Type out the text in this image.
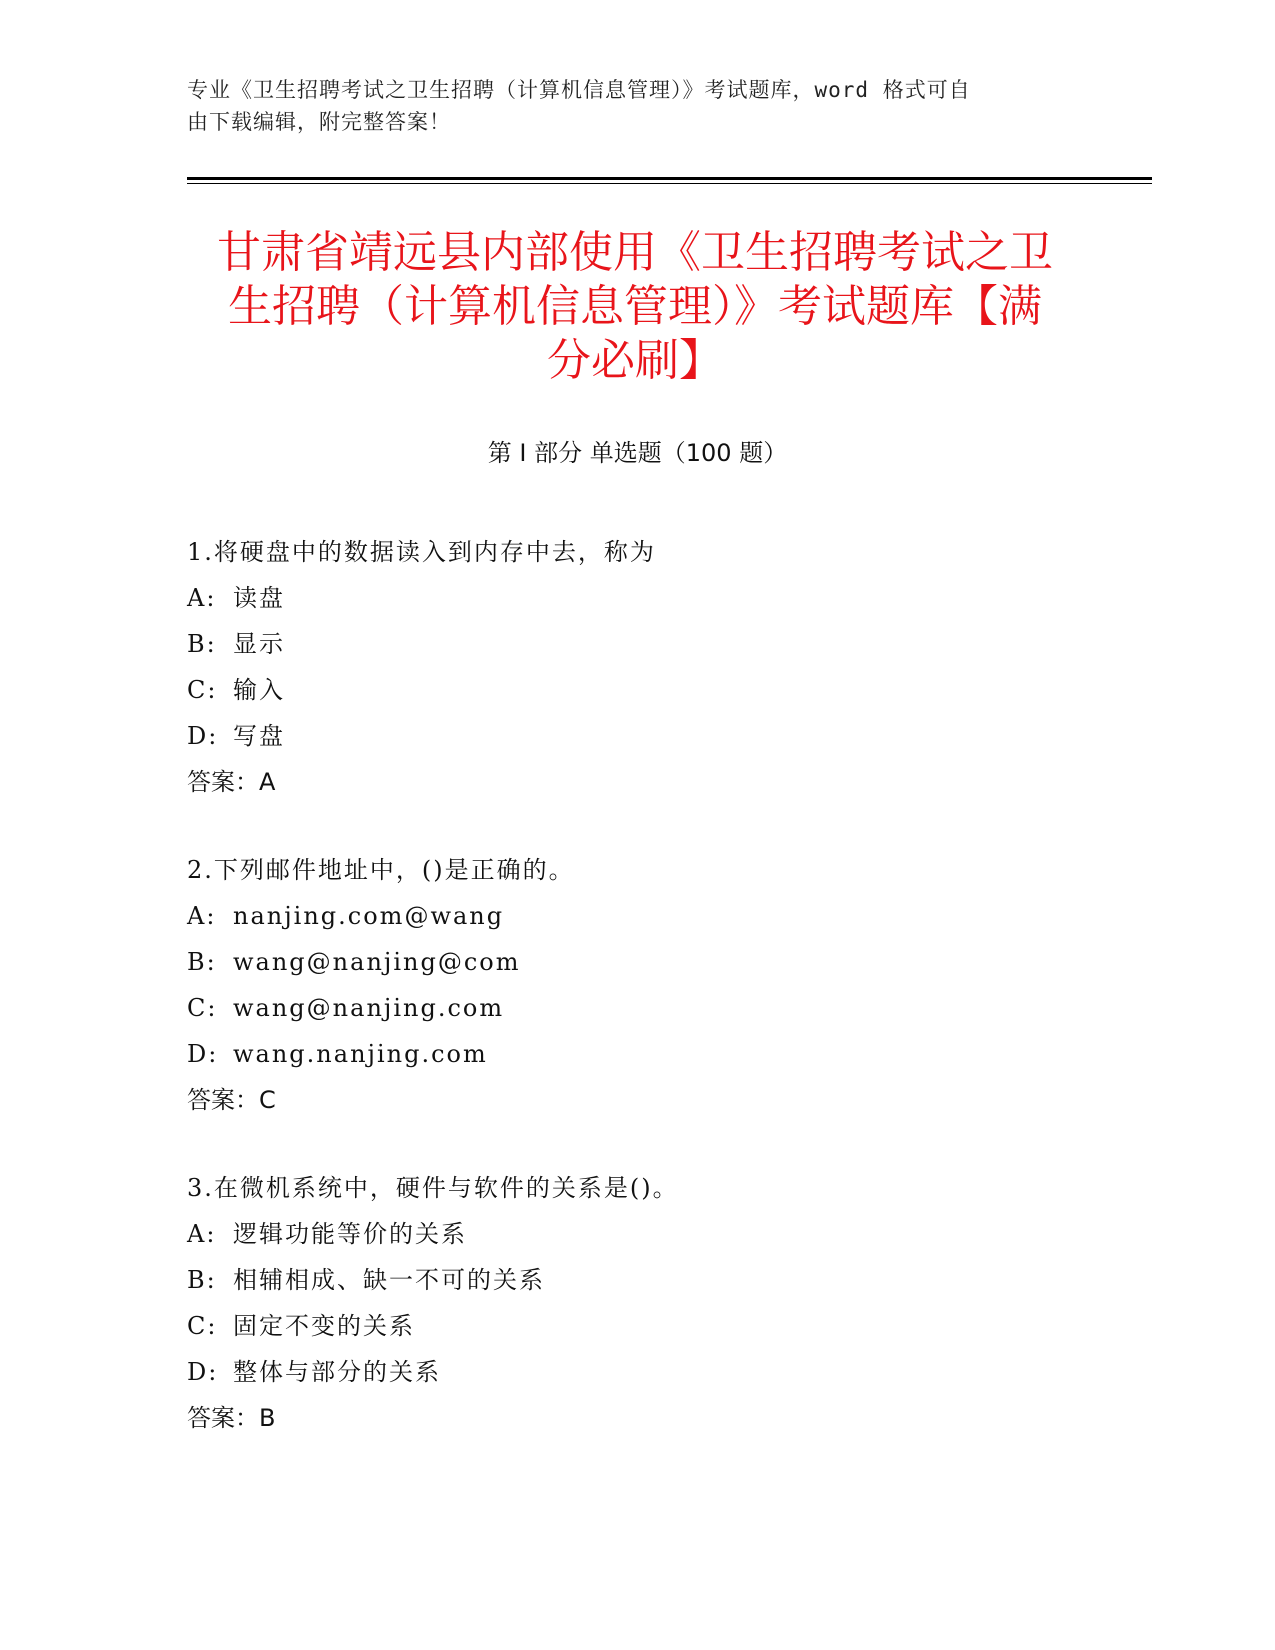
专业《卫生招聘考试之卫生招聘（计算机信息管理）》考试题库，word 格式可自
由下载编辑，附完整答案！
甘肃省靖远县内部使用《卫生招聘考试之卫
生招聘（计算机信息管理）》考试题库【满
分必刷】
第 I 部分 单选题（100 题）
1.将硬盘中的数据读入到内存中去，称为
A: 读盘
B: 显示
C: 输入
D: 写盘
答案：A
2.下列邮件地址中，()是正确的。
A: nanjing.com@wang
B: wang@nanjing@com
C: wang@nanjing.com
D: wang.nanjing.com
答案：C
3.在微机系统中，硬件与软件的关系是()。
A: 逻辑功能等价的关系
B: 相辅相成、缺一不可的关系
C: 固定不变的关系
D: 整体与部分的关系
答案：B
